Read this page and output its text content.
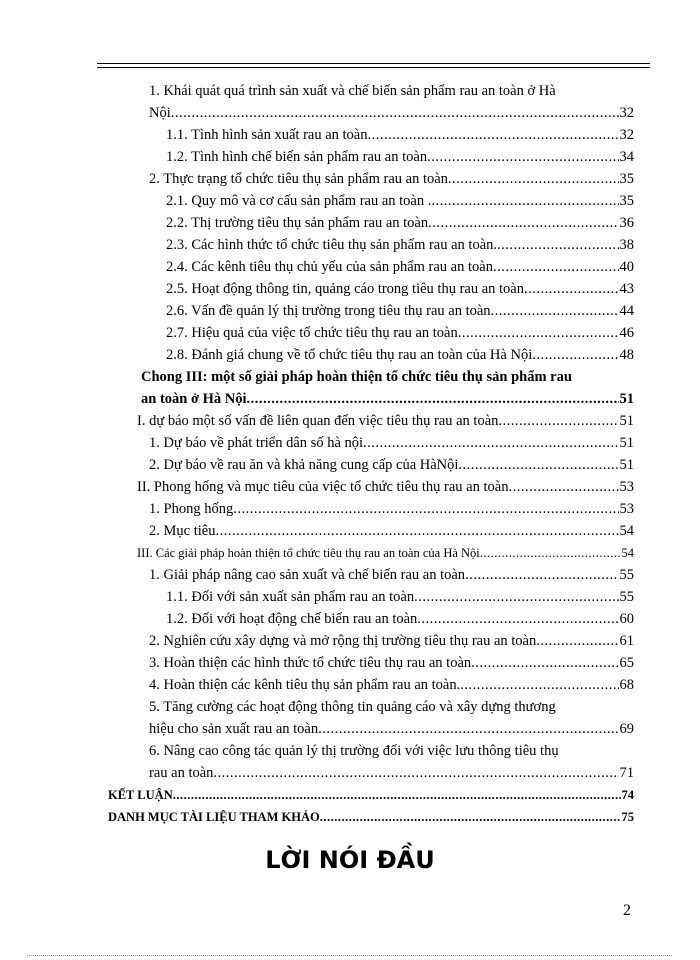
1. Khái quát quá trình sản xuất và chế biến sản phẩm rau an toàn ở Hà
Nội .....	32
1.1. Tình hình sản xuất rau an toàn .....	32
1.2. Tình hình chế biến sản phẩm rau an toàn .....	34
2. Thực trạng tổ chức tiêu thụ sản phẩm rau an toàn .....	35
2.1. Quy mô và cơ cấu sản phẩm rau an toàn . .....	35
2.2. Thị trường tiêu thụ sản phẩm rau an toàn .....	36
2.3. Các hình thức tổ chức tiêu thụ sản phẩm rau an toàn. .....	38
2.4. Các kênh tiêu thụ chủ yếu của sản phẩm rau an toàn .....	40
2.5. Hoạt động thông tin, quảng cáo trong tiêu thụ rau an toàn .....	43
2.6. Vấn đề quản lý thị trường trong tiêu thụ rau an toàn .....	44
2.7. Hiệu quả của việc tổ chức tiêu thụ rau an toàn .....	46
2.8. Đánh giá chung về tổ chức tiêu thụ rau an toàn của Hà Nội .....	48
Chong III: một số giải pháp hoàn thiện tổ chức tiêu thụ sản phẩm rau
an toàn ở Hà Nội .....	51
I. dự báo một số vấn đề liên quan đến việc tiêu thụ rau an toàn .....	51
1. Dự báo về phát triển dân số hà nội .....	51
2. Dự báo về rau ăn và khả năng cung cấp của HàNội .....	51
II. Phong hống và mục tiêu của việc tổ chức tiêu thụ rau an toàn .....	53
1. Phong hống .....	53
2. Mục tiêu .....	54
III. Các giải pháp hoàn thiện tổ chức tiêu thụ rau an toàn của Hà Nội .....	54
1. Giải pháp nâng cao sản xuất và chế biến rau an toàn .....	55
1.1. Đối với sản xuất sản phẩm rau an toàn .....	55
1.2. Đối với hoạt động chế biến rau an toàn .....	60
2. Nghiên cứu xây dựng và mở rộng thị trường tiêu thụ rau an toàn .....	61
3. Hoàn thiện các hình thức tổ chức tiêu thụ rau an toàn .....	65
4. Hoàn thiện các kênh tiêu thụ sản phẩm rau an toàn. .....	68
5. Tăng cường các hoạt động thông tin quảng cáo và xây dựng thương
hiệu cho sản xuất rau an toàn .....	69
6. Nâng cao công tác quản lý thị trường đối với việc lưu thông tiêu thụ
rau an toàn .....	71
KẾT LUẬN .....	74
DANH MỤC TÀI LIỆU THAM KHẢO .....	75
LỜI NÓI ĐẦU
2
